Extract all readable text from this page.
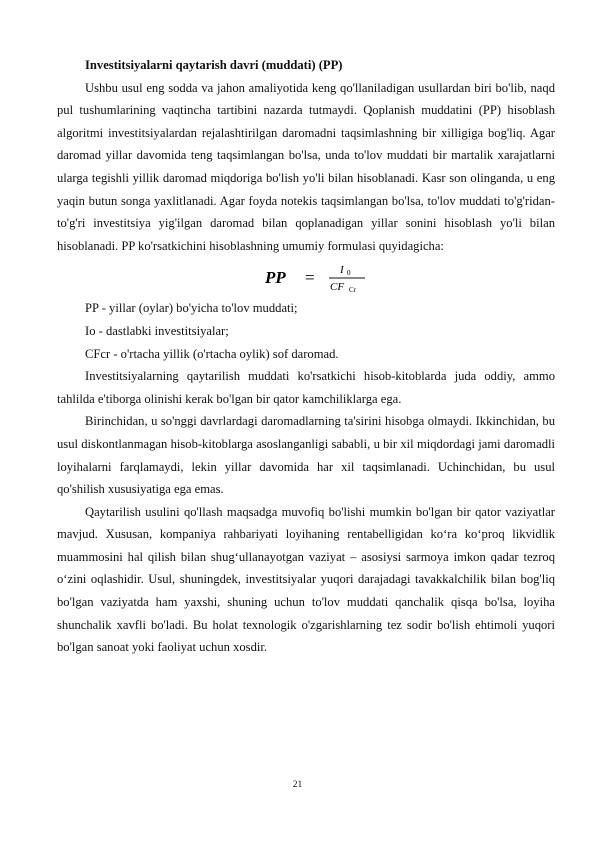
Investitsiyalarni qaytarish davri (muddati) (PP)

Ushbu usul eng sodda va jahon amaliyotida keng qo'llaniladigan usullardan biri bo'lib, naqd pul tushumlarining vaqtincha tartibini nazarda tutmaydi. Qoplanish muddatini (PP) hisoblash algoritmi investitsiyalardan rejalashtirilgan daromadni taqsimlashning bir xilligiga bog'liq. Agar daromad yillar davomida teng taqsimlangan bo'lsa, unda to'lov muddati bir martalik xarajatlarni ularga tegishli yillik daromad miqdoriga bo'lish yo'li bilan hisoblanadi. Kasr son olinganda, u eng yaqin butun songa yaxlitlanadi. Agar foyda notekis taqsimlangan bo'lsa, to'lov muddati to'g'ridan-to'g'ri investitsiya yig'ilgan daromad bilan qoplanadigan yillar sonini hisoblash yo'li bilan hisoblanadi. PP ko'rsatkichini hisoblashning umumiy formulasi quyidagicha:

PP = I 0
CF Cr

PP - yillar (oylar) bo'yicha to'lov muddati;

Io - dastlabki investitsiyalar;

CFcr - o'rtacha yillik (o'rtacha oylik) sof daromad.

Investitsiyalarning qaytarilish muddati ko'rsatkichi hisob-kitoblarda juda oddiy, ammo tahlilda e'tiborga olinishi kerak bo'lgan bir qator kamchiliklarga ega.

Birinchidan, u so'nggi davrlardagi daromadlarning ta'sirini hisobga olmaydi. Ikkinchidan, bu usul diskontlanmagan hisob-kitoblarga asoslanganligi sababli, u bir xil miqdordagi jami daromadli loyihalarni farqlamaydi, lekin yillar davomida har xil taqsimlanadi. Uchinchidan, bu usul qo'shilish xususiyatiga ega emas.

Qaytarilish usulini qo'llash maqsadga muvofiq bo'lishi mumkin bo'lgan bir qator vaziyatlar mavjud. Xususan, kompaniya rahbariyati loyihaning rentabelligidan ko‘ra ko‘proq likvidlik muammosini hal qilish bilan shug‘ullanayotgan vaziyat – asosiysi sarmoya imkon qadar tezroq o‘zini oqlashidir. Usul, shuningdek, investitsiyalar yuqori darajadagi tavakkalchilik bilan bog'liq bo'lgan vaziyatda ham yaxshi, shuning uchun to'lov muddati qanchalik qisqa bo'lsa, loyiha shunchalik xavfli bo'ladi. Bu holat texnologik o'zgarishlarning tez sodir bo'lish ehtimoli yuqori bo'lgan sanoat yoki faoliyat uchun xosdir.

21
